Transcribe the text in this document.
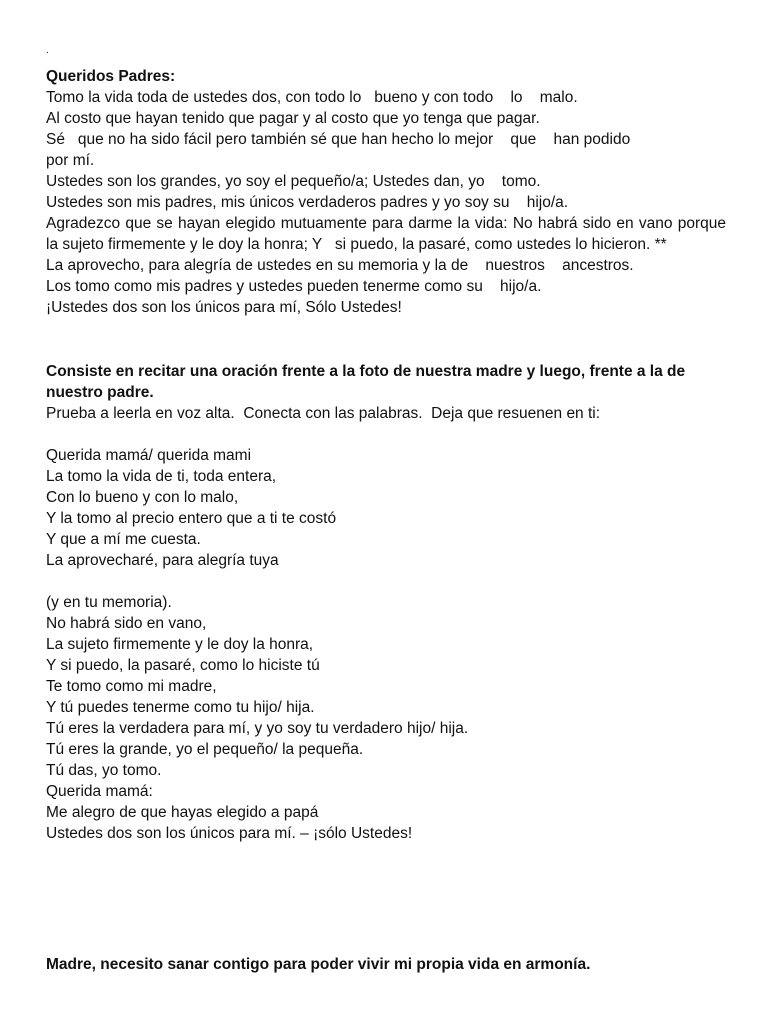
.
Queridos Padres:
Tomo la vida toda de ustedes dos, con todo lo   bueno y con todo    lo    malo.
Al costo que hayan tenido que pagar y al costo que yo tenga que pagar.
Sé   que no ha sido fácil pero también sé que han hecho lo mejor    que    han podido
por mí.
Ustedes son los grandes, yo soy el pequeño/a; Ustedes dan, yo    tomo.
Ustedes son mis padres, mis únicos verdaderos padres y yo soy su    hijo/a.
Agradezco que se hayan elegido mutuamente para darme la vida: No habrá sido en vano porque la sujeto firmemente y le doy la honra; Y   si puedo, la pasaré, como ustedes lo hicieron. **
La aprovecho, para alegría de ustedes en su memoria y la de    nuestros    ancestros.
Los tomo como mis padres y ustedes pueden tenerme como su    hijo/a.
¡Ustedes dos son los únicos para mí, Sólo Ustedes!
Consiste en recitar una oración frente a la foto de nuestra madre y luego, frente a la de nuestro padre.
Prueba a leerla en voz alta.  Conecta con las palabras.  Deja que resuenen en ti:
Querida mamá/ querida mami
La tomo la vida de ti, toda entera,
Con lo bueno y con lo malo,
Y la tomo al precio entero que a ti te costó
Y que a mí me cuesta.
La aprovecharé, para alegría tuya
(y en tu memoria).
No habrá sido en vano,
La sujeto firmemente y le doy la honra,
Y si puedo, la pasaré, como lo hiciste tú
Te tomo como mi madre,
Y tú puedes tenerme como tu hijo/ hija.
Tú eres la verdadera para mí, y yo soy tu verdadero hijo/ hija.
Tú eres la grande, yo el pequeño/ la pequeña.
Tú das, yo tomo.
Querida mamá:
Me alegro de que hayas elegido a papá
Ustedes dos son los únicos para mí. – ¡sólo Ustedes!
Madre, necesito sanar contigo para poder vivir mi propia vida en armonía.
